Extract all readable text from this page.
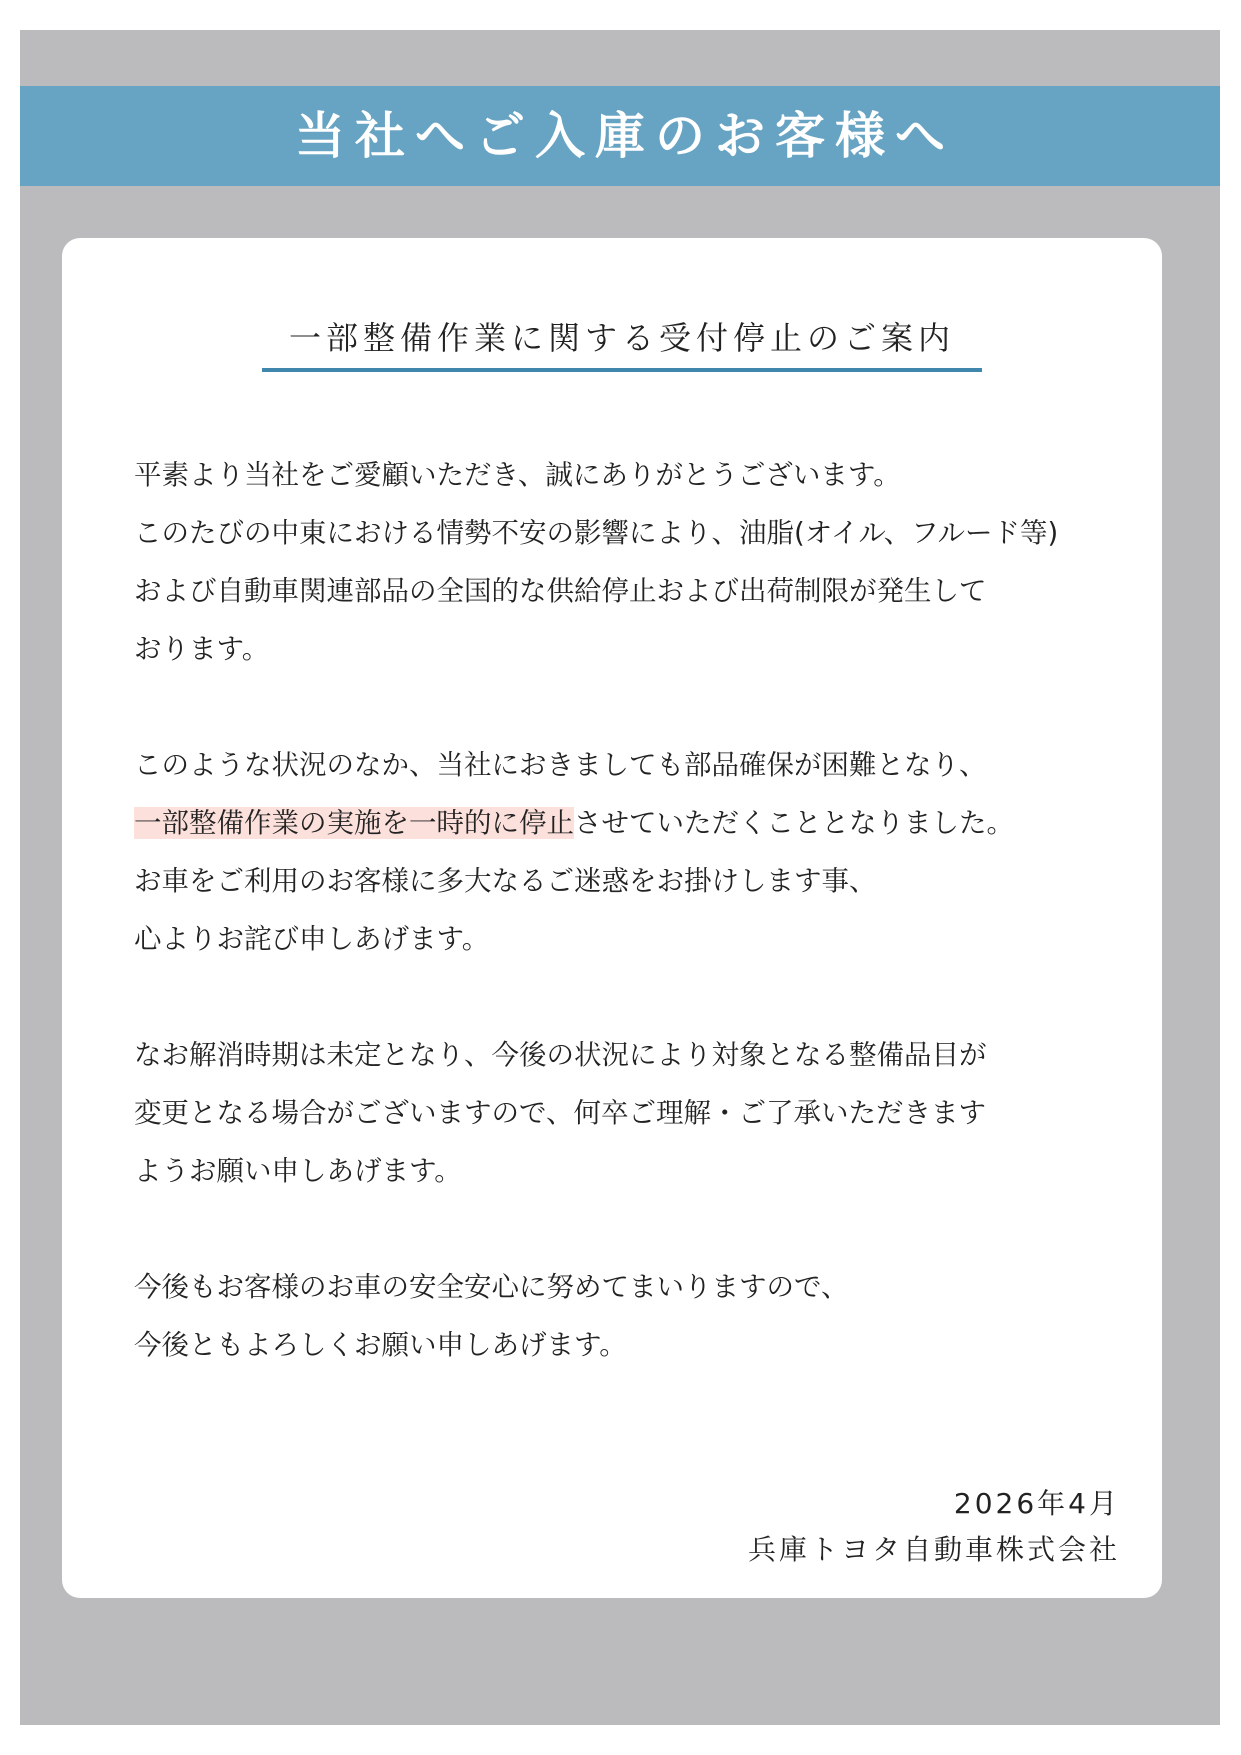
当社へご入庫のお客様へ
一部整備作業に関する受付停止のご案内

平素より当社をご愛顧いただき、誠にありがとうございます。
このたびの中東における情勢不安の影響により、油脂(オイル、フルード等)
および自動車関連部品の全国的な供給停止および出荷制限が発生して
おります。

このような状況のなか、当社におきましても部品確保が困難となり、
一部整備作業の実施を一時的に停止させていただくこととなりました。
お車をご利用のお客様に多大なるご迷惑をお掛けします事、
心よりお詫び申しあげます。

なお解消時期は未定となり、今後の状況により対象となる整備品目が
変更となる場合がございますので、何卒ご理解・ご了承いただきます
ようお願い申しあげます。

今後もお客様のお車の安全安心に努めてまいりますので、
今後ともよろしくお願い申しあげます。

2026年4月
兵庫トヨタ自動車株式会社
